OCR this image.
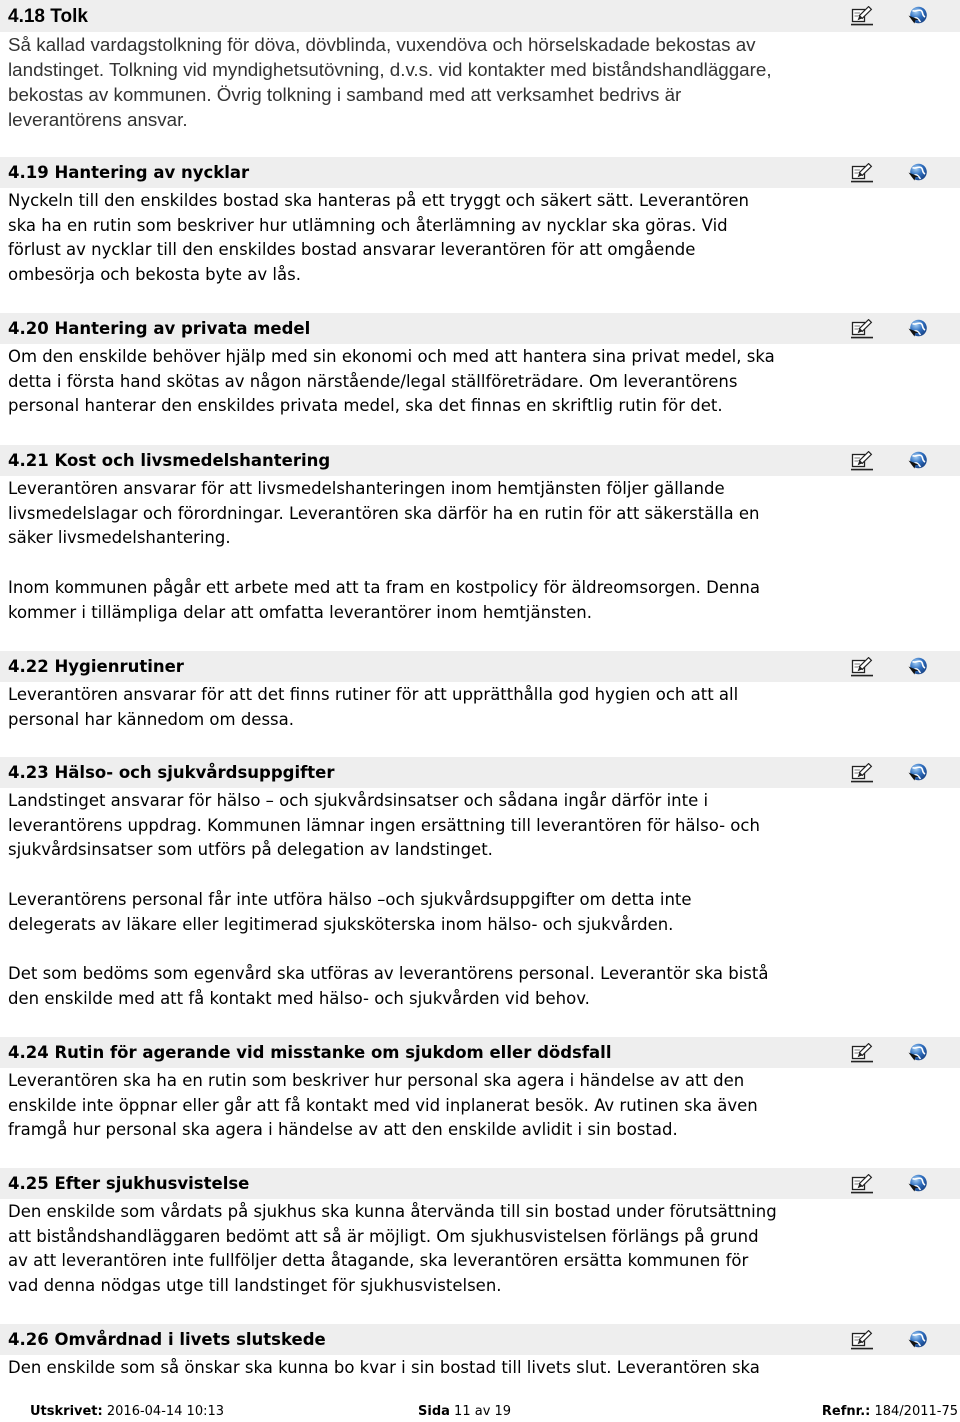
4.18 Tolk

Så kallad vardagstolkning för döva, dövblinda, vuxendöva och hörselskadade bekostas av
landstinget. Tolkning vid myndighetsutövning, d.v.s. vid kontakter med biståndshandläggare,
bekostas av kommunen. Övrig tolkning i samband med att verksamhet bedrivs är
leverantörens ansvar.

4.19 Hantering av nycklar

Nyckeln till den enskildes bostad ska hanteras på ett tryggt och säkert sätt. Leverantören
ska ha en rutin som beskriver hur utlämning och återlämning av nycklar ska göras. Vid
förlust av nycklar till den enskildes bostad ansvarar leverantören för att omgående
ombesörja och bekosta byte av lås.

4.20 Hantering av privata medel

Om den enskilde behöver hjälp med sin ekonomi och med att hantera sina privat medel, ska
detta i första hand skötas av någon närstående/legal ställföreträdare. Om leverantörens
personal hanterar den enskildes privata medel, ska det finnas en skriftlig rutin för det.

4.21 Kost och livsmedelshantering

Leverantören ansvarar för att livsmedelshanteringen inom hemtjänsten följer gällande
livsmedelslagar och förordningar. Leverantören ska därför ha en rutin för att säkerställa en
säker livsmedelshantering.

Inom kommunen pågår ett arbete med att ta fram en kostpolicy för äldreomsorgen. Denna
kommer i tillämpliga delar att omfatta leverantörer inom hemtjänsten.

4.22 Hygienrutiner

Leverantören ansvarar för att det finns rutiner för att upprätthålla god hygien och att all
personal har kännedom om dessa.

4.23 Hälso- och sjukvårdsuppgifter

Landstinget ansvarar för hälso – och sjukvårdsinsatser och sådana ingår därför inte i
leverantörens uppdrag. Kommunen lämnar ingen ersättning till leverantören för hälso- och
sjukvårdsinsatser som utförs på delegation av landstinget.

Leverantörens personal får inte utföra hälso –och sjukvårdsuppgifter om detta inte
delegerats av läkare eller legitimerad sjuksköterska inom hälso- och sjukvården.

Det som bedöms som egenvård ska utföras av leverantörens personal. Leverantör ska bistå
den enskilde med att få kontakt med hälso- och sjukvården vid behov.

4.24 Rutin för agerande vid misstanke om sjukdom eller dödsfall

Leverantören ska ha en rutin som beskriver hur personal ska agera i händelse av att den
enskilde inte öppnar eller går att få kontakt med vid inplanerat besök. Av rutinen ska även
framgå hur personal ska agera i händelse av att den enskilde avlidit i sin bostad.

4.25 Efter sjukhusvistelse

Den enskilde som vårdats på sjukhus ska kunna återvända till sin bostad under förutsättning
att biståndshandläggaren bedömt att så är möjligt. Om sjukhusvistelsen förlängs på grund
av att leverantören inte fullföljer detta åtagande, ska leverantören ersätta kommunen för
vad denna nödgas utge till landstinget för sjukhusvistelsen.

4.26 Omvårdnad i livets slutskede

Den enskilde som så önskar ska kunna bo kvar i sin bostad till livets slut. Leverantören ska

Utskrivet: 2016-04-14 10:13	Sida 11 av 19	Refnr.: 184/2011-75
